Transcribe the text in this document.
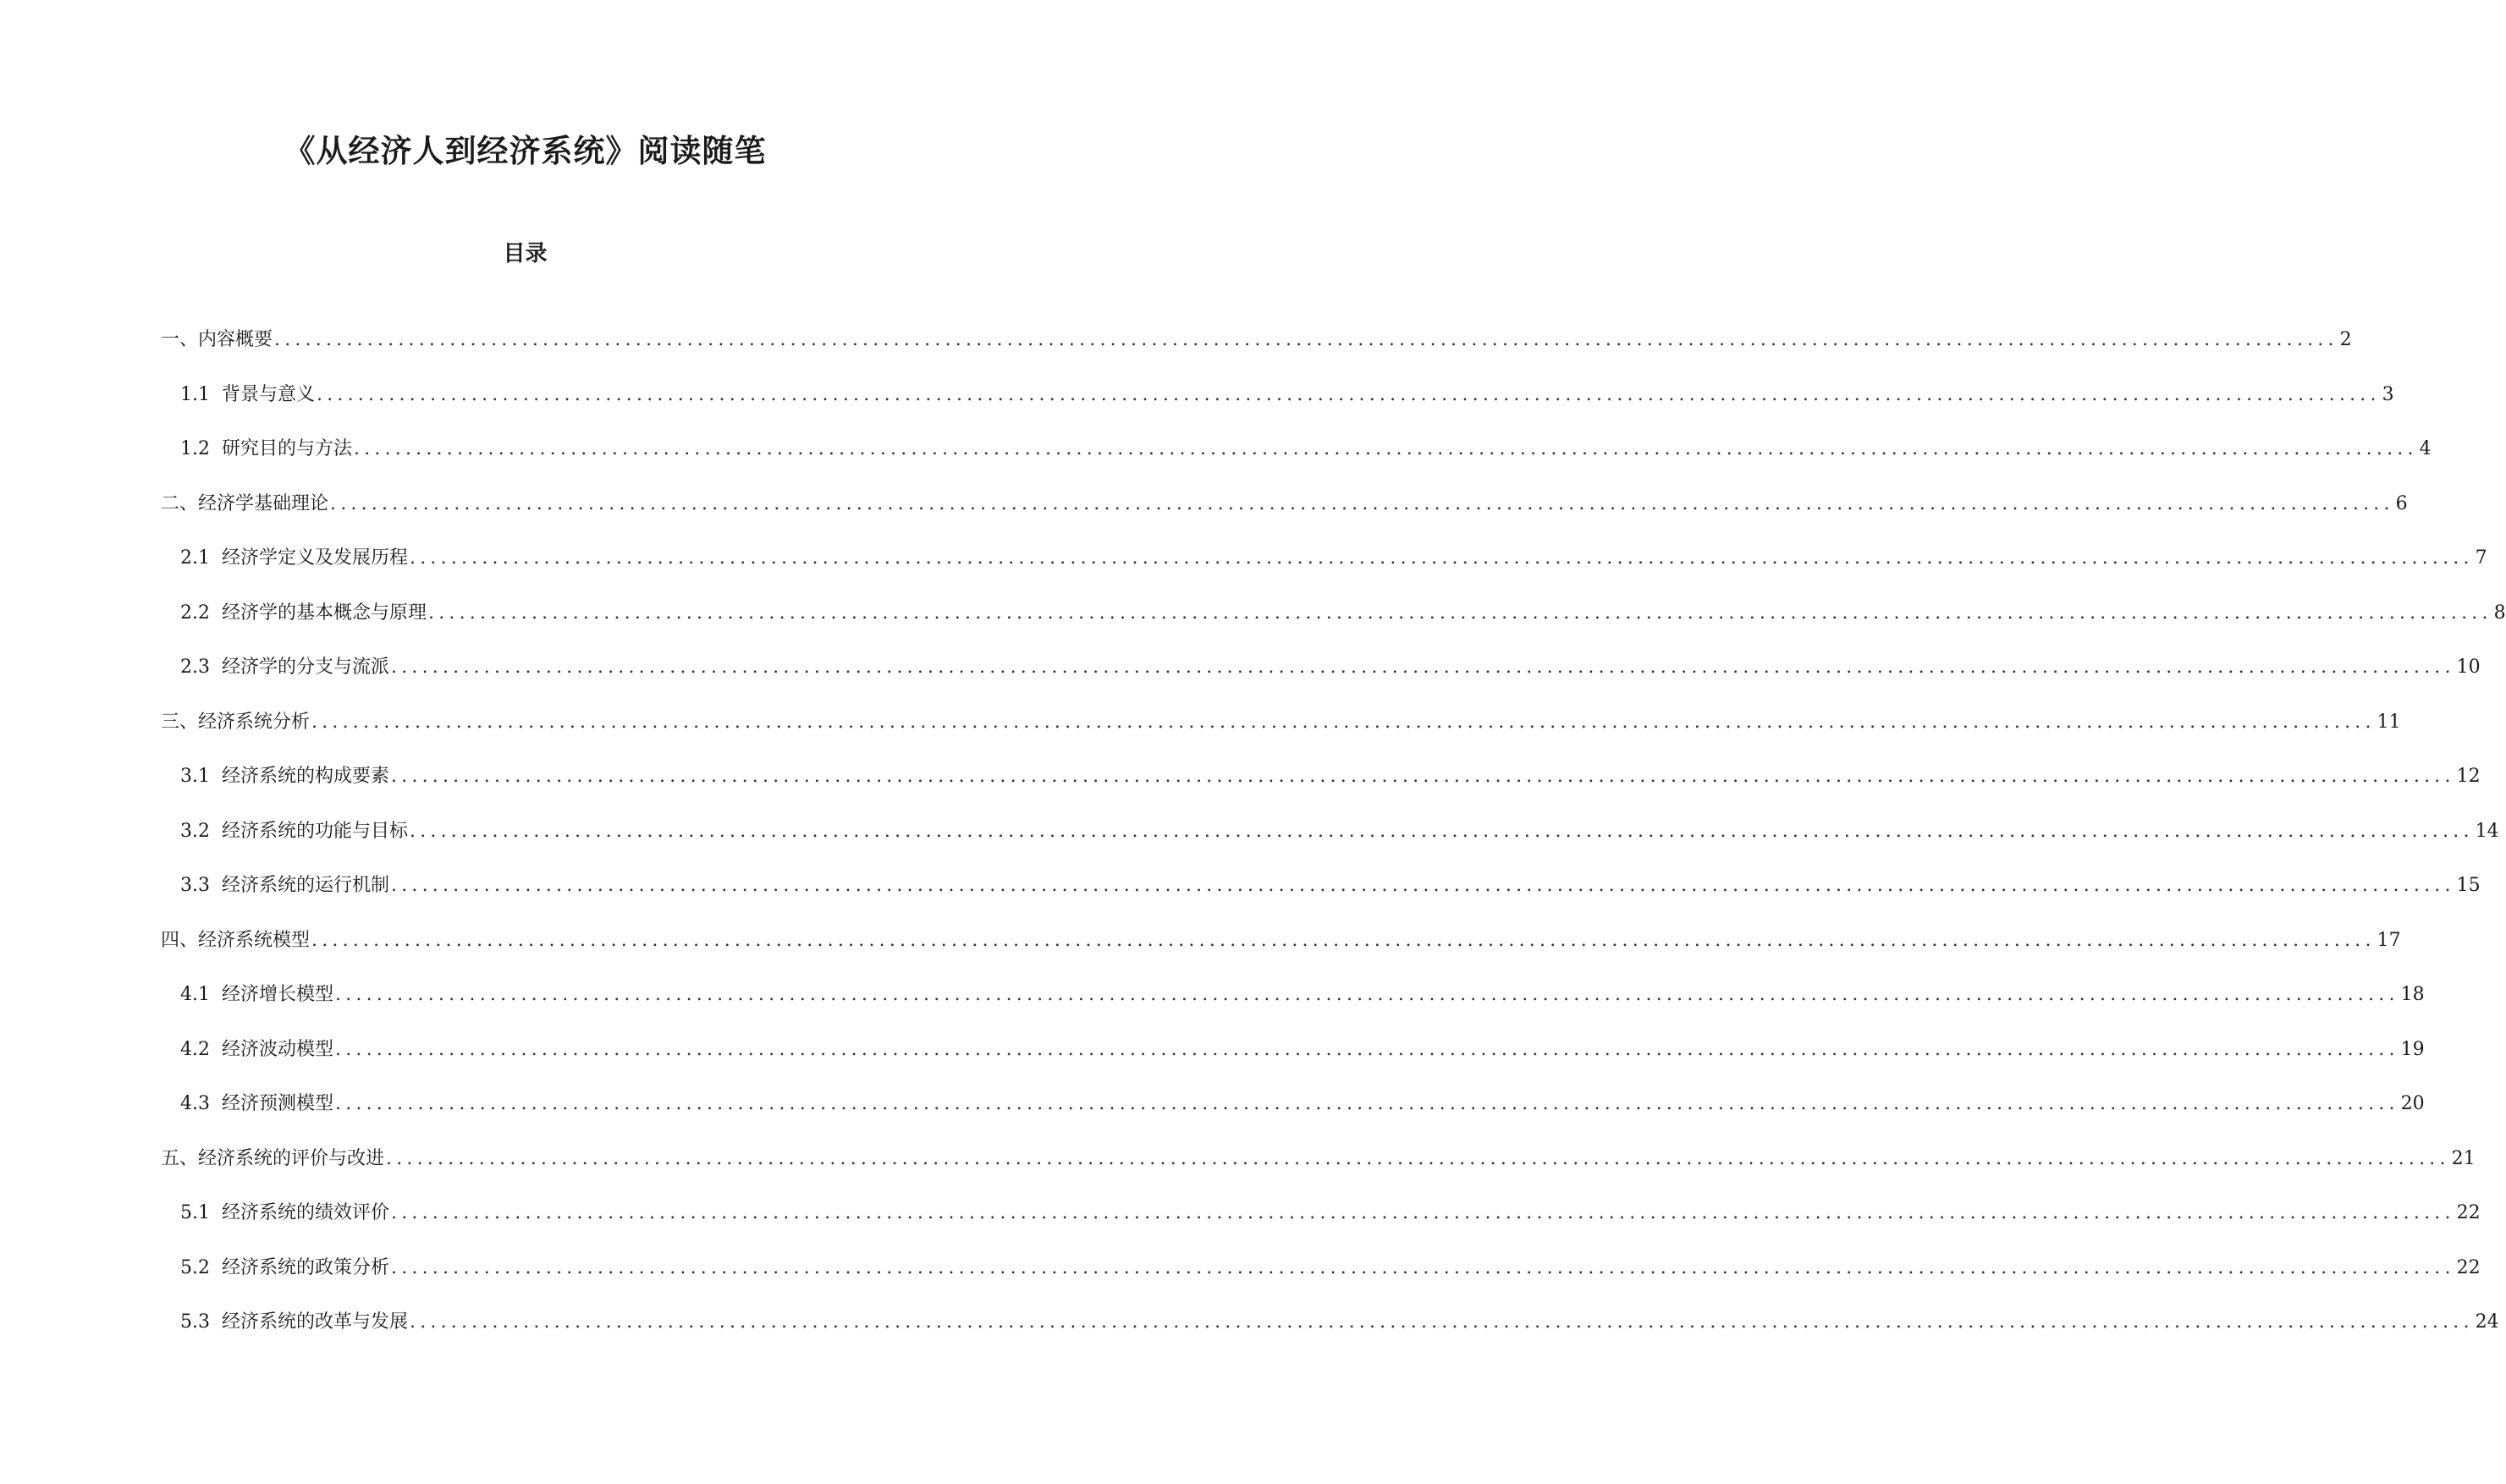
《从经济人到经济系统》阅读随笔
目录
一、内容概要 ........................................................................................................................................................................................................ 2
1.1 背景与意义 ........................................................................................................................................................................................................ 3
1.2 研究目的与方法 ........................................................................................................................................................................................................ 4
二、经济学基础理论 ........................................................................................................................................................................................................ 6
2.1 经济学定义及发展历程 ........................................................................................................................................................................................................ 7
2.2 经济学的基本概念与原理 ........................................................................................................................................................................................................ 8
2.3 经济学的分支与流派 ........................................................................................................................................................................................................ 10
三、经济系统分析 ........................................................................................................................................................................................................ 11
3.1 经济系统的构成要素 ........................................................................................................................................................................................................ 12
3.2 经济系统的功能与目标 ........................................................................................................................................................................................................ 14
3.3 经济系统的运行机制 ........................................................................................................................................................................................................ 15
四、经济系统模型 ........................................................................................................................................................................................................ 17
4.1 经济增长模型 ........................................................................................................................................................................................................ 18
4.2 经济波动模型 ........................................................................................................................................................................................................ 19
4.3 经济预测模型 ........................................................................................................................................................................................................ 20
五、经济系统的评价与改进 ........................................................................................................................................................................................................ 21
5.1 经济系统的绩效评价 ........................................................................................................................................................................................................ 22
5.2 经济系统的政策分析 ........................................................................................................................................................................................................ 22
5.3 经济系统的改革与发展 ........................................................................................................................................................................................................ 24
